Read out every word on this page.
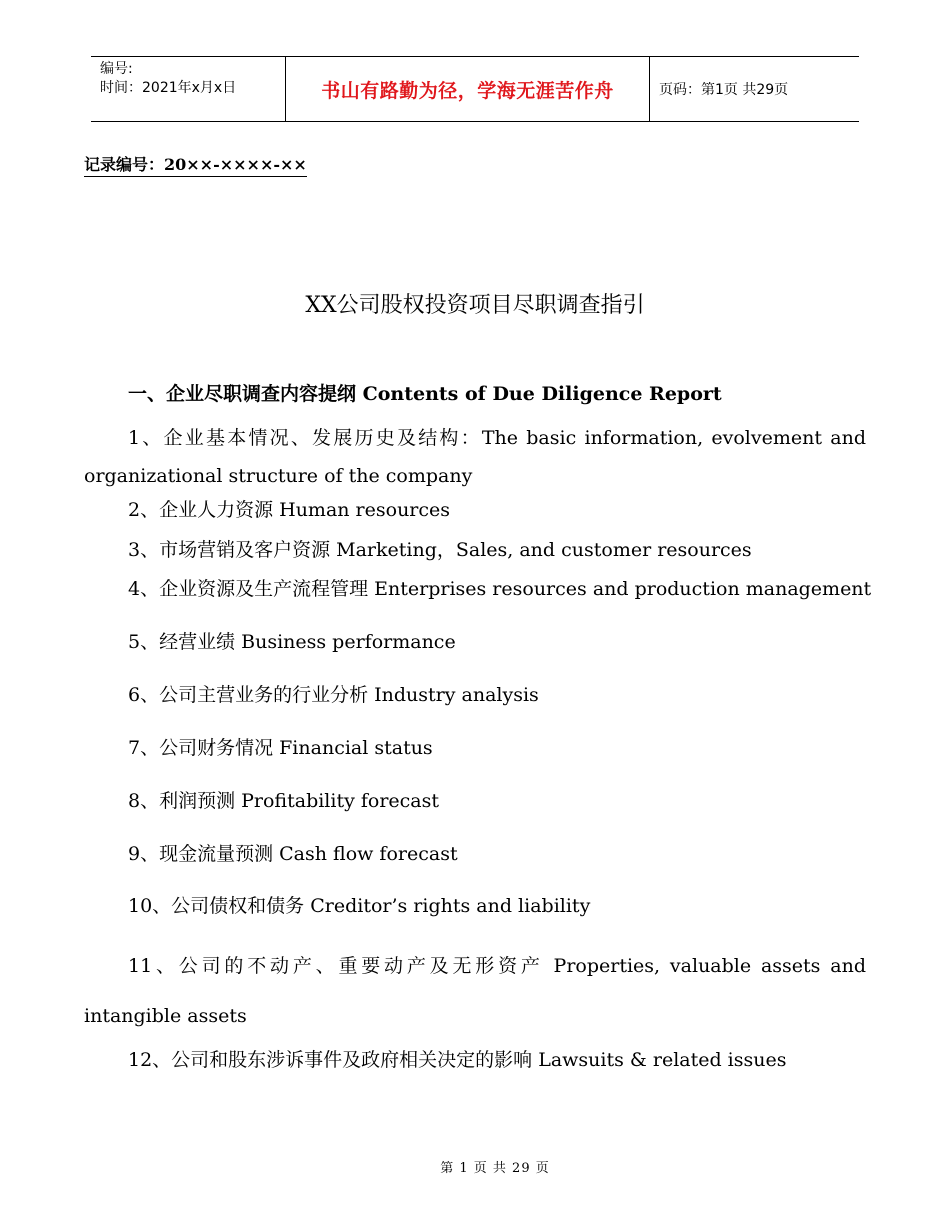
编号:
时间：2021年x月x日	书山有路勤为径，学海无涯苦作舟	页码：第1页 共29页
记录编号：20××-××××-××
XX公司股权投资项目尽职调查指引
一、企业尽职调查内容提纲 Contents of Due Diligence Report
1、企业基本情况、发展历史及结构：The basic information, evolvement and organizational structure of the company
2、企业人力资源 Human resources
3、市场营销及客户资源 Marketing，Sales, and customer resources
4、企业资源及生产流程管理 Enterprises resources and production management
5、经营业绩 Business performance
6、公司主营业务的行业分析 Industry analysis
7、公司财务情况 Financial status
8、利润预测 Profitability forecast
9、现金流量预测 Cash flow forecast
10、公司债权和债务 Creditor’s rights and liability
11、公司的不动产、重要动产及无形资产 Properties, valuable assets and intangible assets
12、公司和股东涉诉事件及政府相关决定的影响 Lawsuits & related issues
第 1 页 共 29 页
